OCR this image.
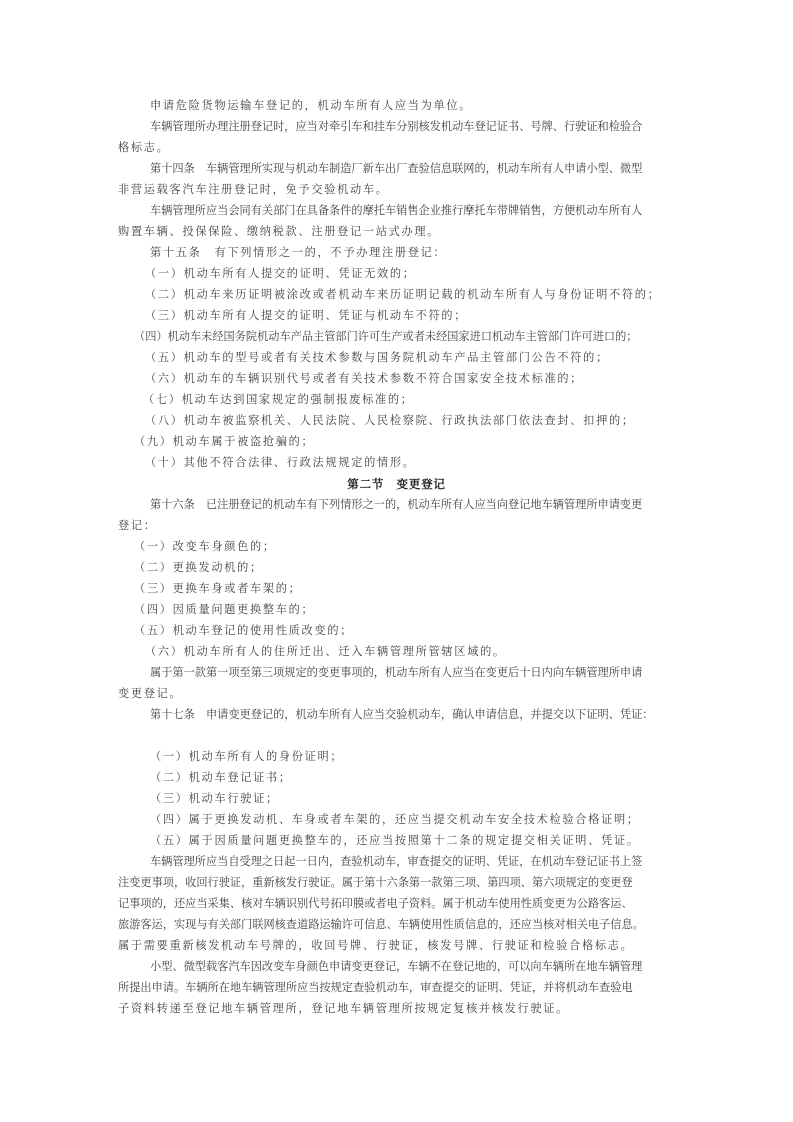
申请危险货物运输车登记的，机动车所有人应当为单位。
车辆管理所办理注册登记时，应当对牵引车和挂车分别核发机动车登记证书、号牌、行驶证和检验合
格标志。
第十四条　车辆管理所实现与机动车制造厂新车出厂查验信息联网的，机动车所有人申请小型、微型
非营运载客汽车注册登记时，免予交验机动车。
车辆管理所应当会同有关部门在具备条件的摩托车销售企业推行摩托车带牌销售，方便机动车所有人
购置车辆、投保保险、缴纳税款、注册登记一站式办理。
第十五条　有下列情形之一的，不予办理注册登记：
（一）机动车所有人提交的证明、凭证无效的；
（二）机动车来历证明被涂改或者机动车来历证明记载的机动车所有人与身份证明不符的；
（三）机动车所有人提交的证明、凭证与机动车不符的；
（四）机动车未经国务院机动车产品主管部门许可生产或者未经国家进口机动车主管部门许可进口的；
（五）机动车的型号或者有关技术参数与国务院机动车产品主管部门公告不符的；
（六）机动车的车辆识别代号或者有关技术参数不符合国家安全技术标准的；
（七）机动车达到国家规定的强制报废标准的；
（八）机动车被监察机关、人民法院、人民检察院、行政执法部门依法查封、扣押的；
（九）机动车属于被盗抢骗的；
（十）其他不符合法律、行政法规规定的情形。
第十六条　已注册登记的机动车有下列情形之一的，机动车所有人应当向登记地车辆管理所申请变更
登记：
（一）改变车身颜色的；
（二）更换发动机的；
（三）更换车身或者车架的；
（四）因质量问题更换整车的；
（五）机动车登记的使用性质改变的；
（六）机动车所有人的住所迁出、迁入车辆管理所管辖区域的。
属于第一款第一项至第三项规定的变更事项的，机动车所有人应当在变更后十日内向车辆管理所申请
变更登记。
第十七条　申请变更登记的，机动车所有人应当交验机动车，确认申请信息，并提交以下证明、凭证：
（一）机动车所有人的身份证明；
（二）机动车登记证书；
（三）机动车行驶证；
（四）属于更换发动机、车身或者车架的，还应当提交机动车安全技术检验合格证明；
（五）属于因质量问题更换整车的，还应当按照第十二条的规定提交相关证明、凭证。
车辆管理所应当自受理之日起一日内，查验机动车，审查提交的证明、凭证，在机动车登记证书上签
注变更事项，收回行驶证，重新核发行驶证。属于第十六条第一款第三项、第四项、第六项规定的变更登
记事项的，还应当采集、核对车辆识别代号拓印膜或者电子资料。属于机动车使用性质变更为公路客运、
旅游客运，实现与有关部门联网核查道路运输许可信息、车辆使用性质信息的，还应当核对相关电子信息。
属于需要重新核发机动车号牌的，收回号牌、行驶证，核发号牌、行驶证和检验合格标志。
小型、微型载客汽车因改变车身颜色申请变更登记，车辆不在登记地的，可以向车辆所在地车辆管理
所提出申请。车辆所在地车辆管理所应当按规定查验机动车，审查提交的证明、凭证，并将机动车查验电
子资料转递至登记地车辆管理所，登记地车辆管理所按规定复核并核发行驶证。
第二节　变更登记
